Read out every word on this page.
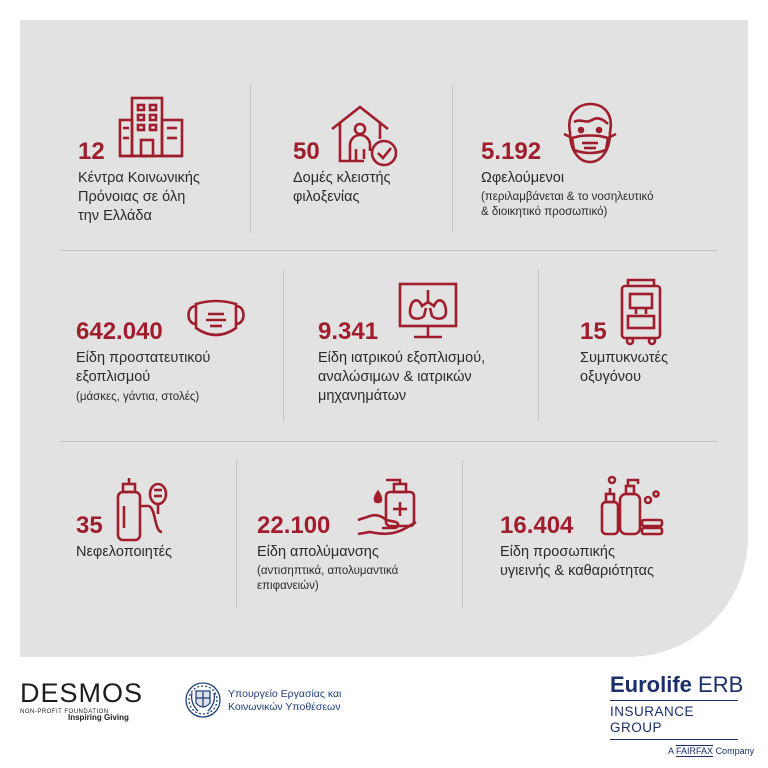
12
Κέντρα Κοινωνικής
Πρόνοιας σε όλη
την Ελλάδα
50
Δομές κλειστής
φιλοξενίας
5.192
Ωφελούμενοι
(περιλαμβάνεται & το νοσηλευτικό
& διοικητικό προσωπικό)
642.040
Είδη προστατευτικού
εξοπλισμού
(μάσκες, γάντια, στολές)
9.341
Είδη ιατρικού εξοπλισμού,
αναλώσιμων & ιατρικών
μηχανημάτων
15
Συμπυκνωτές
οξυγόνου
35
Νεφελοποιητές
22.100
Είδη απολύμανσης
(αντισηπτικά, απολυμαντικά
επιφανειών)
16.404
Είδη προσωπικής
υγιεινής & καθαριότητας
DESMOS
NON-PROFIT FOUNDATION
Inspiring Giving
Υπουργείο Εργασίας και
Κοινωνικών Υποθέσεων
Eurolife ERB
INSURANCE GROUP
A FAIRFAX Company
